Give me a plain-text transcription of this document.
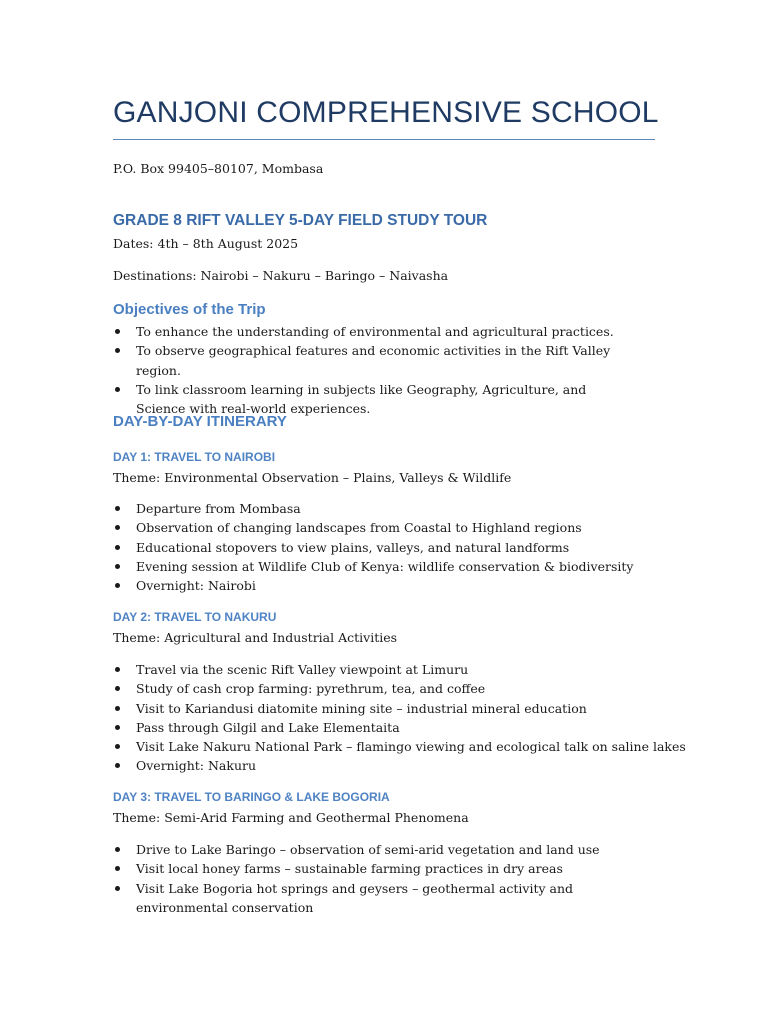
GANJONI COMPREHENSIVE SCHOOL

P.O. Box 99405–80107, Mombasa

GRADE 8 RIFT VALLEY 5-DAY FIELD STUDY TOUR

Dates: 4th – 8th August 2025

Destinations: Nairobi – Nakuru – Baringo – Naivasha

Objectives of the Trip
To enhance the understanding of environmental and agricultural practices.
To observe geographical features and economic activities in the Rift Valley region.
To link classroom learning in subjects like Geography, Agriculture, and Science with real-world experiences.
DAY-BY-DAY ITINERARY
DAY 1: TRAVEL TO NAIROBI

Theme: Environmental Observation – Plains, Valleys & Wildlife

Departure from Mombasa
Observation of changing landscapes from Coastal to Highland regions
Educational stopovers to view plains, valleys, and natural landforms
Evening session at Wildlife Club of Kenya: wildlife conservation & biodiversity
Overnight: Nairobi
DAY 2: TRAVEL TO NAKURU

Theme: Agricultural and Industrial Activities

Travel via the scenic Rift Valley viewpoint at Limuru
Study of cash crop farming: pyrethrum, tea, and coffee
Visit to Kariandusi diatomite mining site – industrial mineral education
Pass through Gilgil and Lake Elementaita
Visit Lake Nakuru National Park – flamingo viewing and ecological talk on saline lakes
Overnight: Nakuru
DAY 3: TRAVEL TO BARINGO & LAKE BOGORIA

Theme: Semi-Arid Farming and Geothermal Phenomena

Drive to Lake Baringo – observation of semi-arid vegetation and land use
Visit local honey farms – sustainable farming practices in dry areas
Visit Lake Bogoria hot springs and geysers – geothermal activity and environmental conservation
